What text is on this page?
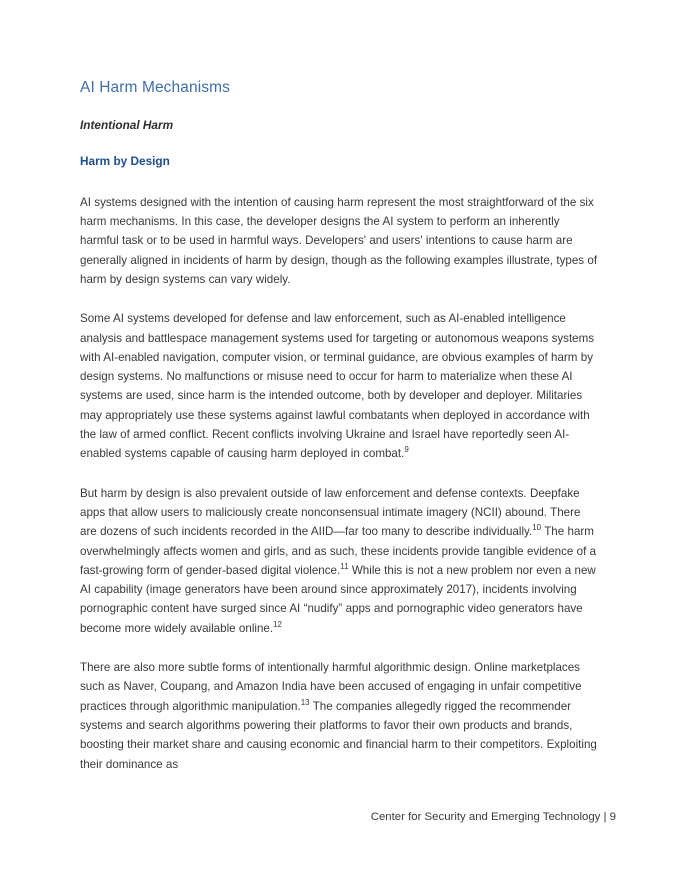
AI Harm Mechanisms
Intentional Harm
Harm by Design

AI systems designed with the intention of causing harm represent the most straightforward of the six harm mechanisms. In this case, the developer designs the AI system to perform an inherently harmful task or to be used in harmful ways. Developers' and users' intentions to cause harm are generally aligned in incidents of harm by design, though as the following examples illustrate, types of harm by design systems can vary widely.

Some AI systems developed for defense and law enforcement, such as AI-enabled intelligence analysis and battlespace management systems used for targeting or autonomous weapons systems with AI-enabled navigation, computer vision, or terminal guidance, are obvious examples of harm by design systems. No malfunctions or misuse need to occur for harm to materialize when these AI systems are used, since harm is the intended outcome, both by developer and deployer. Militaries may appropriately use these systems against lawful combatants when deployed in accordance with the law of armed conflict. Recent conflicts involving Ukraine and Israel have reportedly seen AI-enabled systems capable of causing harm deployed in combat.$^9$

But harm by design is also prevalent outside of law enforcement and defense contexts. Deepfake apps that allow users to maliciously create nonconsensual intimate imagery (NCII) abound. There are dozens of such incidents recorded in the AIID—far too many to describe individually.$^{10}$ The harm overwhelmingly affects women and girls, and as such, these incidents provide tangible evidence of a fast-growing form of gender-based digital violence.$^{11}$ While this is not a new problem nor even a new AI capability (image generators have been around since approximately 2017), incidents involving pornographic content have surged since AI “nudify” apps and pornographic video generators have become more widely available online.$^{12}$

There are also more subtle forms of intentionally harmful algorithmic design. Online marketplaces such as Naver, Coupang, and Amazon India have been accused of engaging in unfair competitive practices through algorithmic manipulation.$^{13}$ The companies allegedly rigged the recommender systems and search algorithms powering their platforms to favor their own products and brands, boosting their market share and causing economic and financial harm to their competitors. Exploiting their dominance as

Center for Security and Emerging Technology | 9
